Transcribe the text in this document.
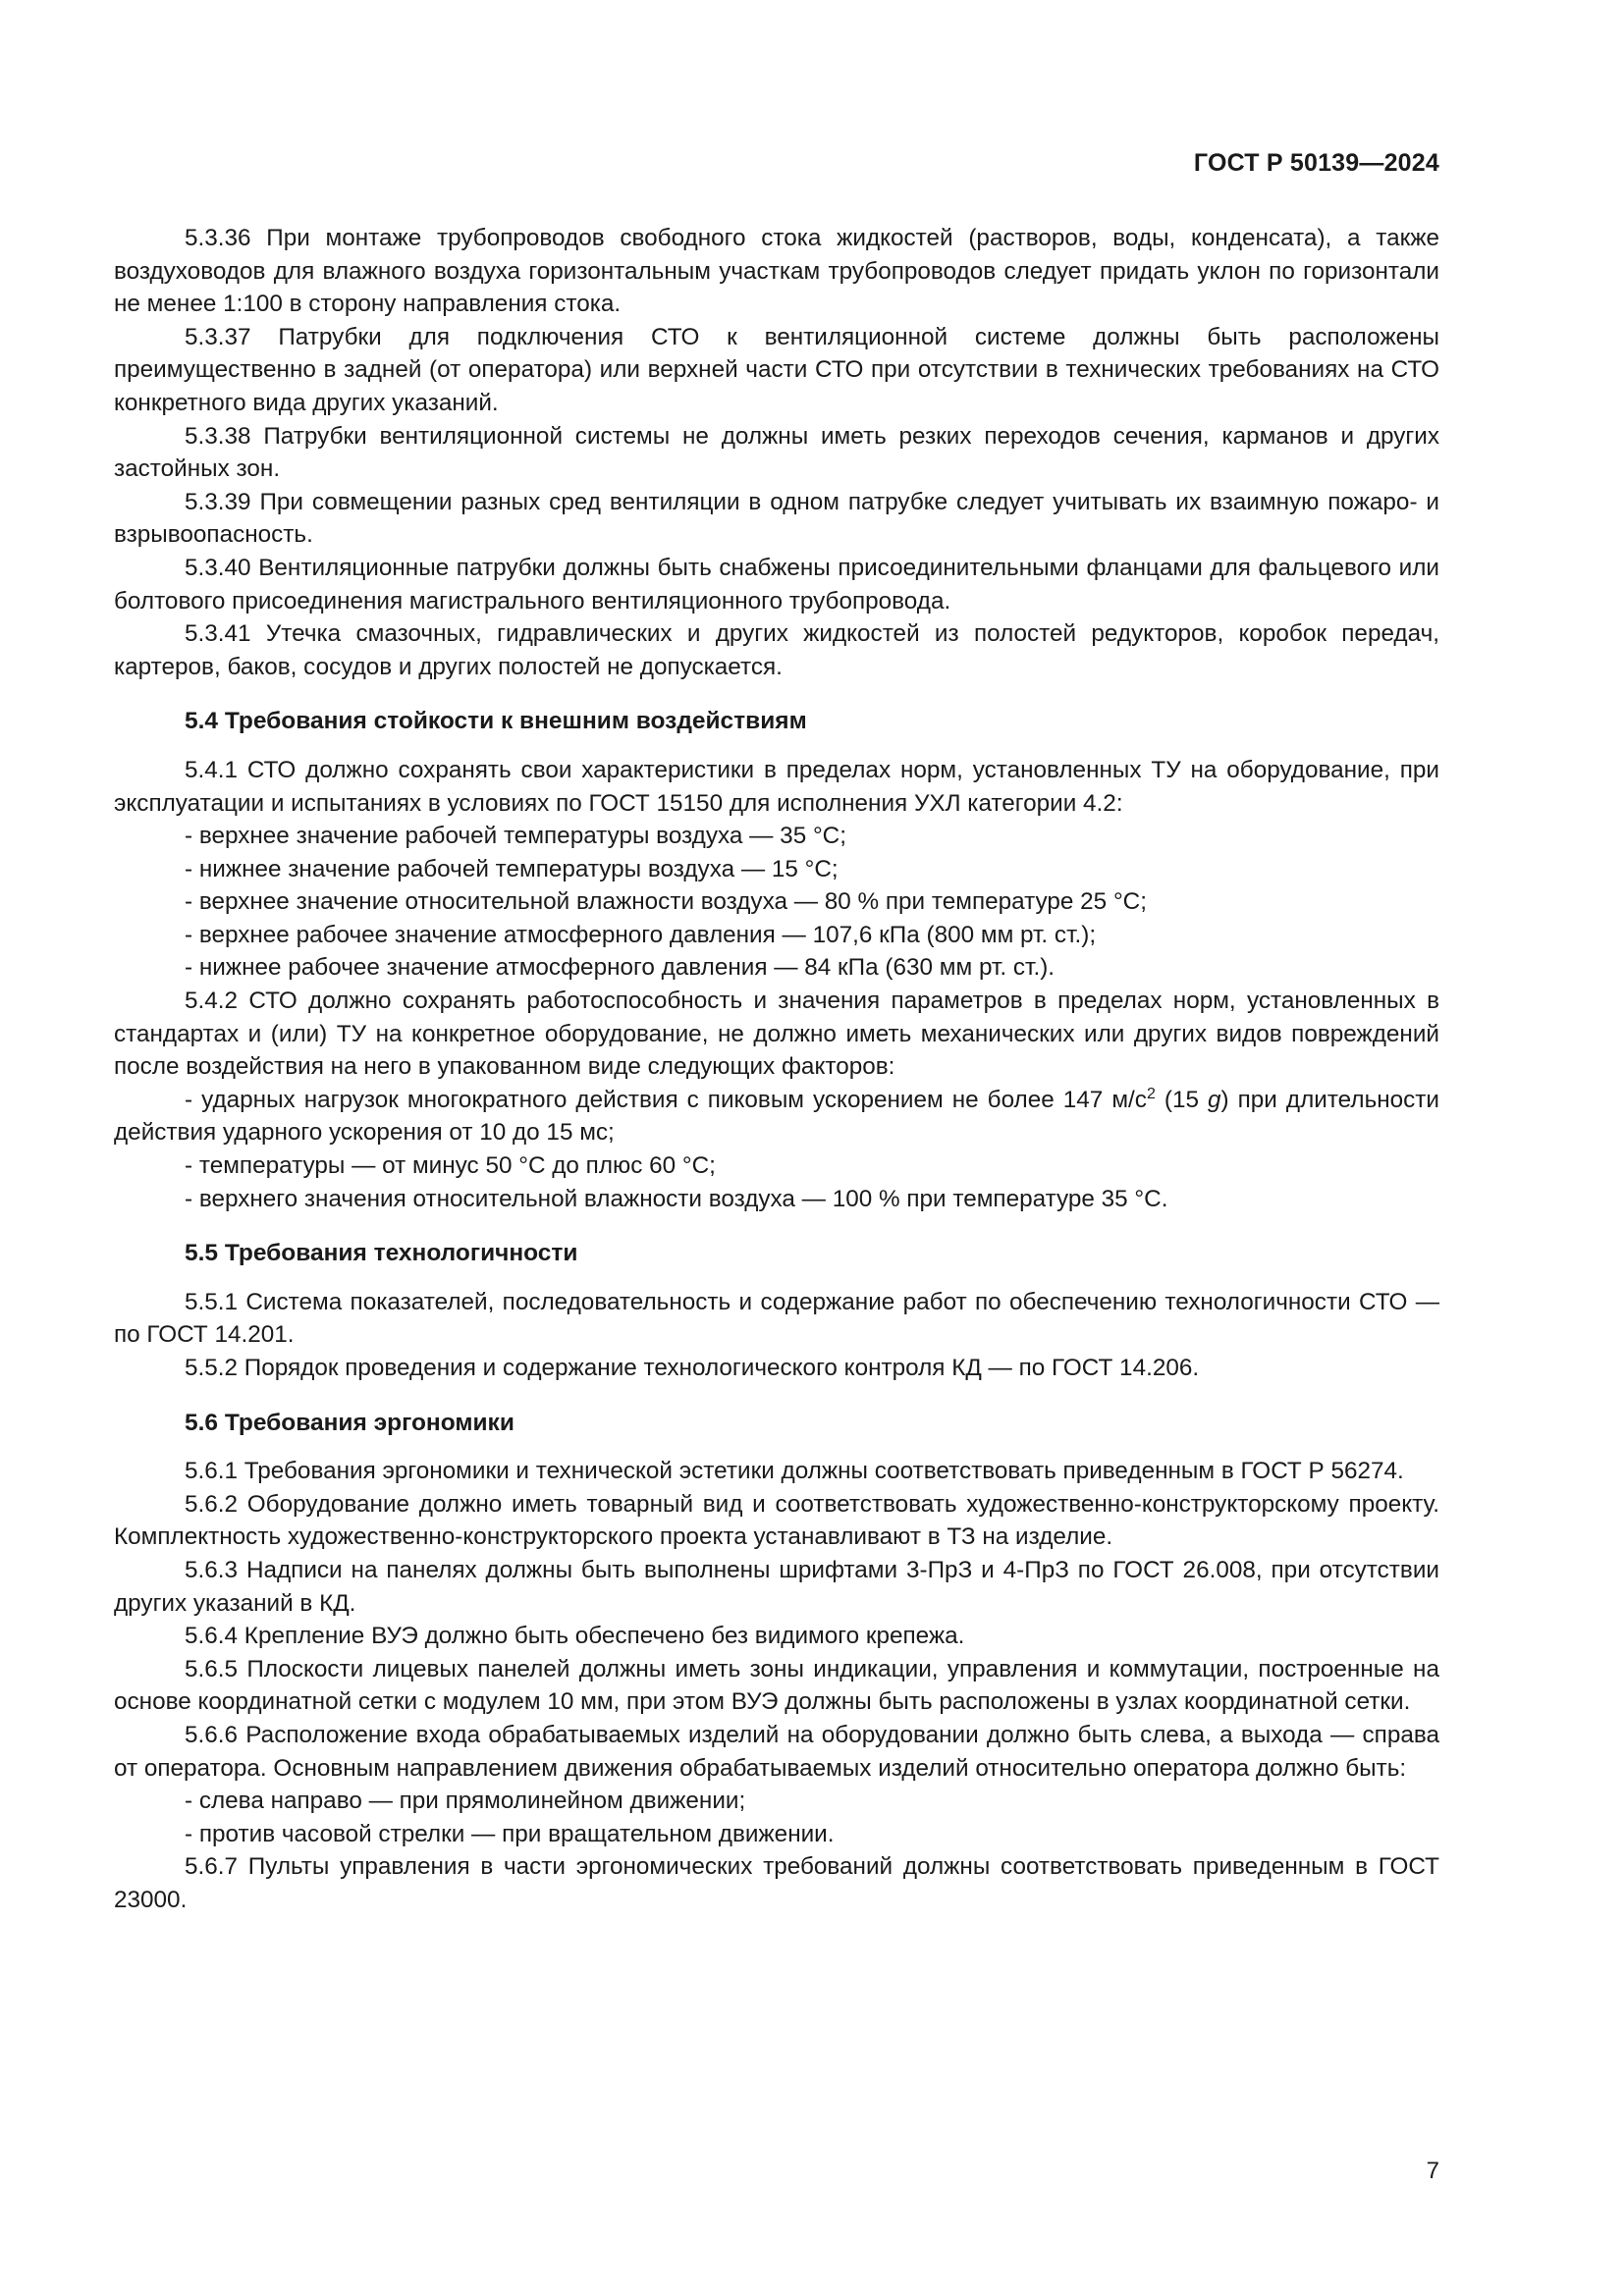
ГОСТ Р 50139—2024

5.3.36 При монтаже трубопроводов свободного стока жидкостей (растворов, воды, конденсата), а также воздуховодов для влажного воздуха горизонтальным участкам трубопроводов следует придать уклон по горизонтали не менее 1:100 в сторону направления стока.

5.3.37 Патрубки для подключения СТО к вентиляционной системе должны быть расположены преимущественно в задней (от оператора) или верхней части СТО при отсутствии в технических требованиях на СТО конкретного вида других указаний.

5.3.38 Патрубки вентиляционной системы не должны иметь резких переходов сечения, карманов и других застойных зон.

5.3.39 При совмещении разных сред вентиляции в одном патрубке следует учитывать их взаимную пожаро- и взрывоопасность.

5.3.40 Вентиляционные патрубки должны быть снабжены присоединительными фланцами для фальцевого или болтового присоединения магистрального вентиляционного трубопровода.

5.3.41 Утечка смазочных, гидравлических и других жидкостей из полостей редукторов, коробок передач, картеров, баков, сосудов и других полостей не допускается.

5.4 Требования стойкости к внешним воздействиям

5.4.1 СТО должно сохранять свои характеристики в пределах норм, установленных ТУ на оборудование, при эксплуатации и испытаниях в условиях по ГОСТ 15150 для исполнения УХЛ категории 4.2:

- верхнее значение рабочей температуры воздуха — 35 °С;

- нижнее значение рабочей температуры воздуха — 15 °С;

- верхнее значение относительной влажности воздуха — 80 % при температуре 25 °С;

- верхнее рабочее значение атмосферного давления — 107,6 кПа (800 мм рт. ст.);

- нижнее рабочее значение атмосферного давления — 84 кПа (630 мм рт. ст.).

5.4.2 СТО должно сохранять работоспособность и значения параметров в пределах норм, установленных в стандартах и (или) ТУ на конкретное оборудование, не должно иметь механических или других видов повреждений после воздействия на него в упакованном виде следующих факторов:

- ударных нагрузок многократного действия с пиковым ускорением не более 147 $м/с^2$ (15 g) при длительности действия ударного ускорения от 10 до 15 мс;

- температуры — от минус 50 °С до плюс 60 °С;

- верхнего значения относительной влажности воздуха — 100 % при температуре 35 °С.

5.5 Требования технологичности

5.5.1 Система показателей, последовательность и содержание работ по обеспечению технологичности СТО — по ГОСТ 14.201.

5.5.2 Порядок проведения и содержание технологического контроля КД — по ГОСТ 14.206.

5.6 Требования эргономики

5.6.1 Требования эргономики и технической эстетики должны соответствовать приведенным в ГОСТ Р 56274.

5.6.2 Оборудование должно иметь товарный вид и соответствовать художественно-конструкторскому проекту. Комплектность художественно-конструкторского проекта устанавливают в ТЗ на изделие.

5.6.3 Надписи на панелях должны быть выполнены шрифтами 3-ПрЗ и 4-ПрЗ по ГОСТ 26.008, при отсутствии других указаний в КД.

5.6.4 Крепление ВУЭ должно быть обеспечено без видимого крепежа.

5.6.5 Плоскости лицевых панелей должны иметь зоны индикации, управления и коммутации, построенные на основе координатной сетки с модулем 10 мм, при этом ВУЭ должны быть расположены в узлах координатной сетки.

5.6.6 Расположение входа обрабатываемых изделий на оборудовании должно быть слева, а выхода — справа от оператора. Основным направлением движения обрабатываемых изделий относительно оператора должно быть:

- слева направо — при прямолинейном движении;

- против часовой стрелки — при вращательном движении.

5.6.7 Пульты управления в части эргономических требований должны соответствовать приведенным в ГОСТ 23000.

7
